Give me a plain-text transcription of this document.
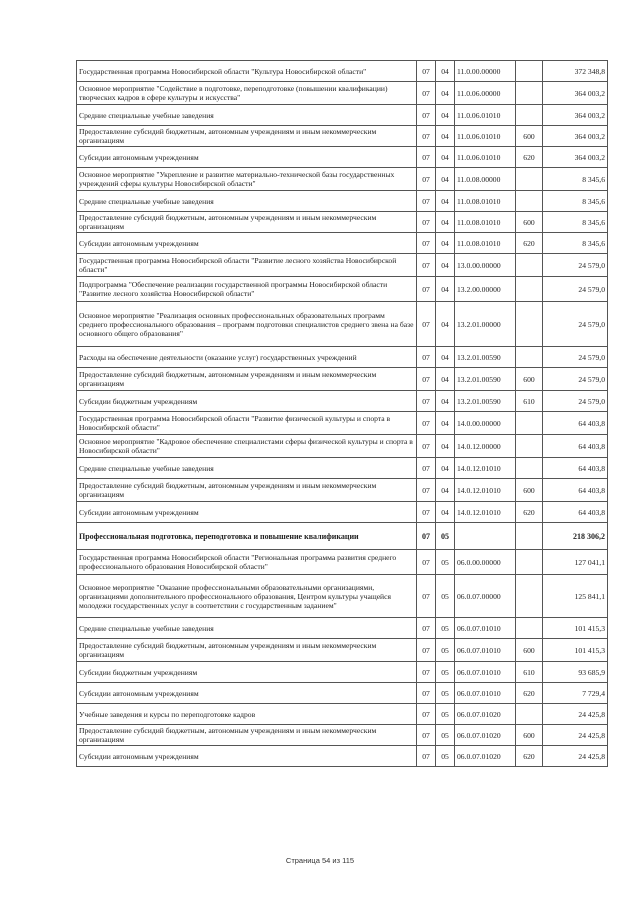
Государственная программа Новосибирской области "Культура Новосибирской области"	07	04	11.0.00.00000		372 348,8
Основное мероприятие "Содействие в подготовке, переподготовке (повышении квалификации) творческих кадров в сфере культуры и искусства"	07	04	11.0.06.00000		364 003,2
Средние специальные учебные заведения	07	04	11.0.06.01010		364 003,2
Предоставление субсидий бюджетным, автономным учреждениям и иным некоммерческим организациям	07	04	11.0.06.01010	600	364 003,2
Субсидии автономным учреждениям	07	04	11.0.06.01010	620	364 003,2
Основное мероприятие "Укрепление и развитие материально-технической базы государственных учреждений сферы культуры Новосибирской области"	07	04	11.0.08.00000		8 345,6
Средние специальные учебные заведения	07	04	11.0.08.01010		8 345,6
Предоставление субсидий бюджетным, автономным учреждениям и иным некоммерческим организациям	07	04	11.0.08.01010	600	8 345,6
Субсидии автономным учреждениям	07	04	11.0.08.01010	620	8 345,6
Государственная программа Новосибирской области "Развитие лесного хозяйства Новосибирской области"	07	04	13.0.00.00000		24 579,0
Подпрограмма "Обеспечение реализации государственной программы Новосибирской области "Развитие лесного хозяйства Новосибирской области"	07	04	13.2.00.00000		24 579,0
Основное мероприятие "Реализация основных профессиональных образовательных программ среднего профессионального образования – программ подготовки специалистов среднего звена на базе основного общего образования"	07	04	13.2.01.00000		24 579,0
Расходы на обеспечение деятельности (оказание услуг) государственных учреждений	07	04	13.2.01.00590		24 579,0
Предоставление субсидий бюджетным, автономным учреждениям и иным некоммерческим организациям	07	04	13.2.01.00590	600	24 579,0
Субсидии бюджетным учреждениям	07	04	13.2.01.00590	610	24 579,0
Государственная программа Новосибирской области "Развитие физической культуры и спорта в Новосибирской области"	07	04	14.0.00.00000		64 403,8
Основное мероприятие "Кадровое обеспечение специалистами сферы физической культуры и спорта в Новосибирской области"	07	04	14.0.12.00000		64 403,8
Средние специальные учебные заведения	07	04	14.0.12.01010		64 403,8
Предоставление субсидий бюджетным, автономным учреждениям и иным некоммерческим организациям	07	04	14.0.12.01010	600	64 403,8
Субсидии автономным учреждениям	07	04	14.0.12.01010	620	64 403,8
Профессиональная подготовка, переподготовка и повышение квалификации	07	05			218 306,2
Государственная программа Новосибирской области "Региональная программа развития среднего профессионального образования Новосибирской области"	07	05	06.0.00.00000		127 041,1
Основное мероприятие "Оказание профессиональными образовательными организациями, организациями дополнительного профессионального образования, Центром культуры учащейся молодежи государственных услуг в соответствии с государственным заданием"	07	05	06.0.07.00000		125 841,1
Средние специальные учебные заведения	07	05	06.0.07.01010		101 415,3
Предоставление субсидий бюджетным, автономным учреждениям и иным некоммерческим организациям	07	05	06.0.07.01010	600	101 415,3
Субсидии бюджетным учреждениям	07	05	06.0.07.01010	610	93 685,9
Субсидии автономным учреждениям	07	05	06.0.07.01010	620	7 729,4
Учебные заведения и курсы по переподготовке кадров	07	05	06.0.07.01020		24 425,8
Предоставление субсидий бюджетным, автономным учреждениям и иным некоммерческим организациям	07	05	06.0.07.01020	600	24 425,8
Субсидии автономным учреждениям	07	05	06.0.07.01020	620	24 425,8
Страница 54 из 115
